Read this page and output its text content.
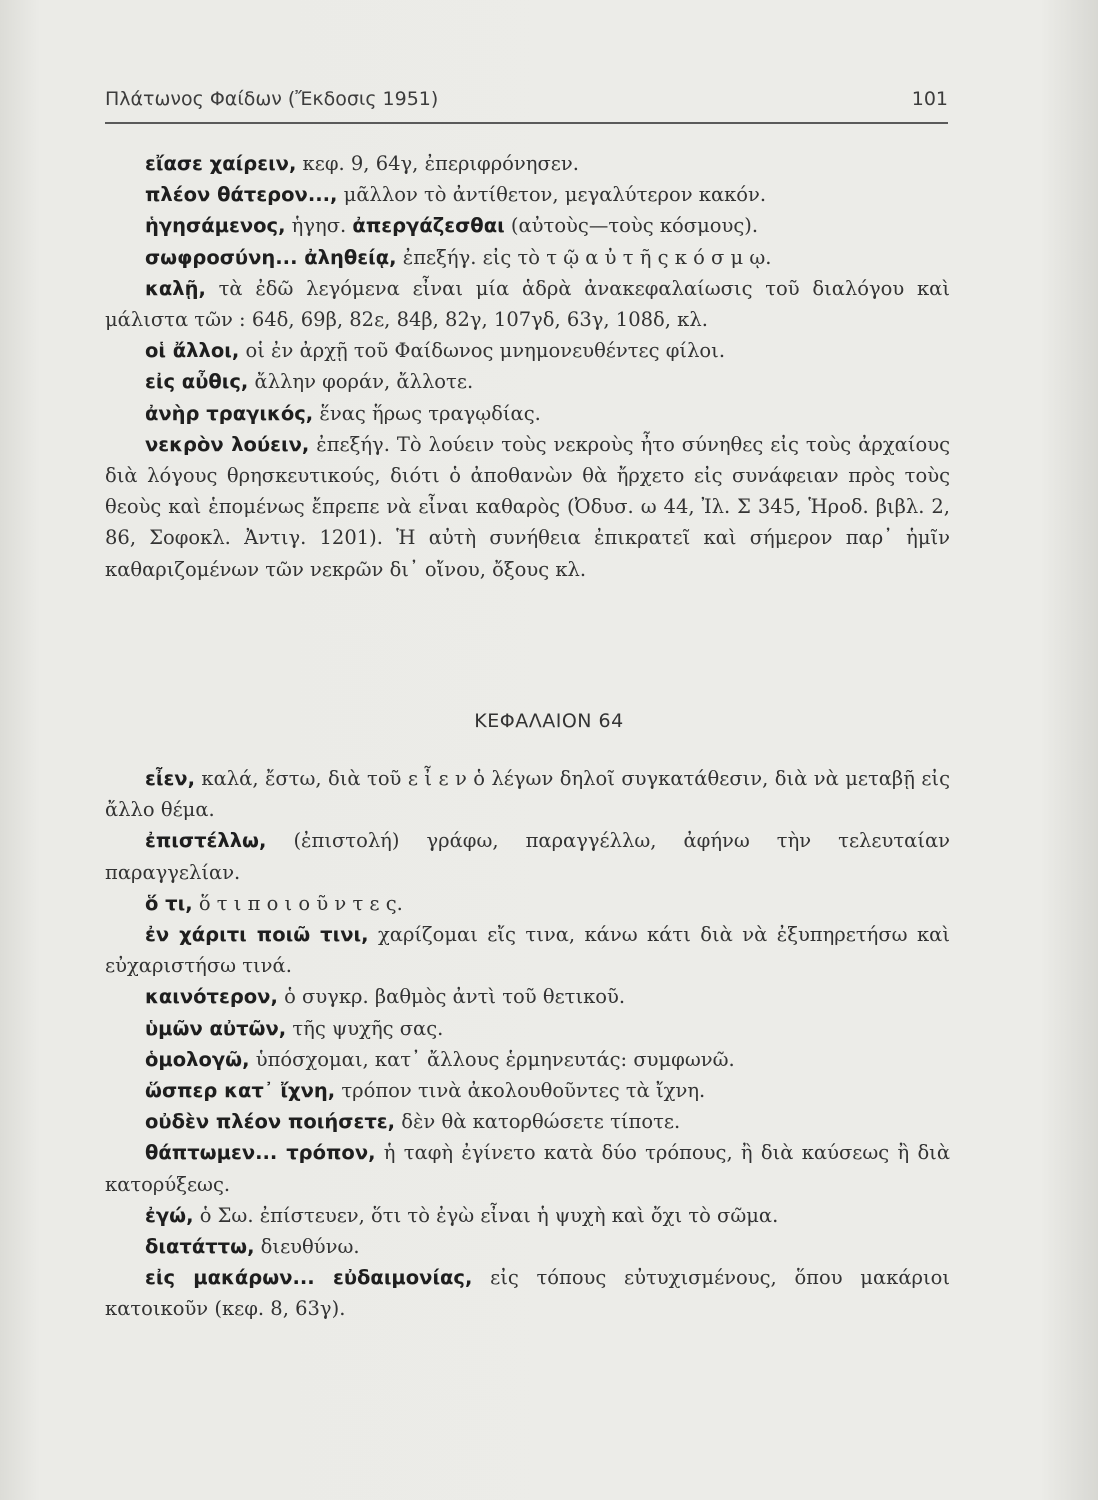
Πλάτωνος Φαίδων (Ἔκδοσις 1951)	101

εἴασε χαίρειν, κεφ. 9, 64γ, ἐπεριφρόνησεν.

πλέον θάτερον..., μᾶλλον τὸ ἀντίθετον, μεγαλύτερον κακόν.

ἡγησάμενος, ἡγησ. ἀπεργάζεσθαι (αὐτοὺς—τοὺς κόσμους).

σωφροσύνη... ἀληθείᾳ, ἐπεξήγ. εἰς τὸ τ ῷ α ὐ τ ῆ ς κ ό σ μ ῳ.

καλῇ, τὰ ἐδῶ λεγόμενα εἶναι μία ἁδρὰ ἀνακεφαλαίωσις τοῦ διαλόγου καὶ μάλιστα τῶν : 64δ, 69β, 82ε, 84β, 82γ, 107γδ, 63γ, 108δ, κλ.

οἱ ἄλλοι, οἱ ἐν ἀρχῇ τοῦ Φαίδωνος μνημονευθέντες φίλοι.

εἰς αὖθις, ἄλλην φοράν, ἄλλοτε.

ἀνὴρ τραγικός, ἕνας ἥρως τραγῳδίας.

νεκρὸν λούειν, ἐπεξήγ. Τὸ λούειν τοὺς νεκροὺς ἦτο σύνηθες εἰς τοὺς ἀρχαίους διὰ λόγους θρησκευτικούς, διότι ὁ ἀποθανὼν θὰ ἤρχετο εἰς συνάφειαν πρὸς τοὺς θεοὺς καὶ ἑπομένως ἔπρεπε νὰ εἶναι καθαρὸς (Ὀδυσ. ω 44, Ἰλ. Σ 345, Ἡροδ. βιβλ. 2, 86, Σοφοκλ. Ἀντιγ. 1201). Ἡ αὐτὴ συνήθεια ἐπικρατεῖ καὶ σήμερον παρ᾽ ἡμῖν καθαριζομένων τῶν νεκρῶν δι᾽ οἴνου, ὄξους κλ.

ΚΕΦΑΛΑΙΟΝ 64

εἶεν, καλά, ἔστω, διὰ τοῦ ε ἶ ε ν ὁ λέγων δηλοῖ συγκατάθεσιν, διὰ νὰ μεταβῇ εἰς ἄλλο θέμα.

ἐπιστέλλω, (ἐπιστολή) γράφω, παραγγέλλω, ἀφήνω τὴν τελευταίαν παραγγελίαν.

ὅ τι, ὅ τ ι π ο ι ο ῦ ν τ ε ς.

ἐν χάριτι ποιῶ τινι, χαρίζομαι εἴς τινα, κάνω κάτι διὰ νὰ ἐξυπηρετήσω καὶ εὐχαριστήσω τινά.

καινότερον, ὁ συγκρ. βαθμὸς ἀντὶ τοῦ θετικοῦ.

ὑμῶν αὐτῶν, τῆς ψυχῆς σας.

ὁμολογῶ, ὑπόσχομαι, κατ᾽ ἄλλους ἑρμηνευτάς: συμφωνῶ.

ὥσπερ κατ᾽ ἴχνη, τρόπον τινὰ ἀκολουθοῦντες τὰ ἴχνη.

οὐδὲν πλέον ποιήσετε, δὲν θὰ κατορθώσετε τίποτε.

θάπτωμεν... τρόπον, ἡ ταφὴ ἐγίνετο κατὰ δύο τρόπους, ἢ διὰ καύσεως ἢ διὰ κατορύξεως.

ἐγώ, ὁ Σω. ἐπίστευεν, ὅτι τὸ ἐγὼ εἶναι ἡ ψυχὴ καὶ ὄχι τὸ σῶμα.

διατάττω, διευθύνω.

εἰς μακάρων... εὐδαιμονίας, εἰς τόπους εὐτυχισμένους, ὅπου μακάριοι κατοικοῦν (κεφ. 8, 63γ).
